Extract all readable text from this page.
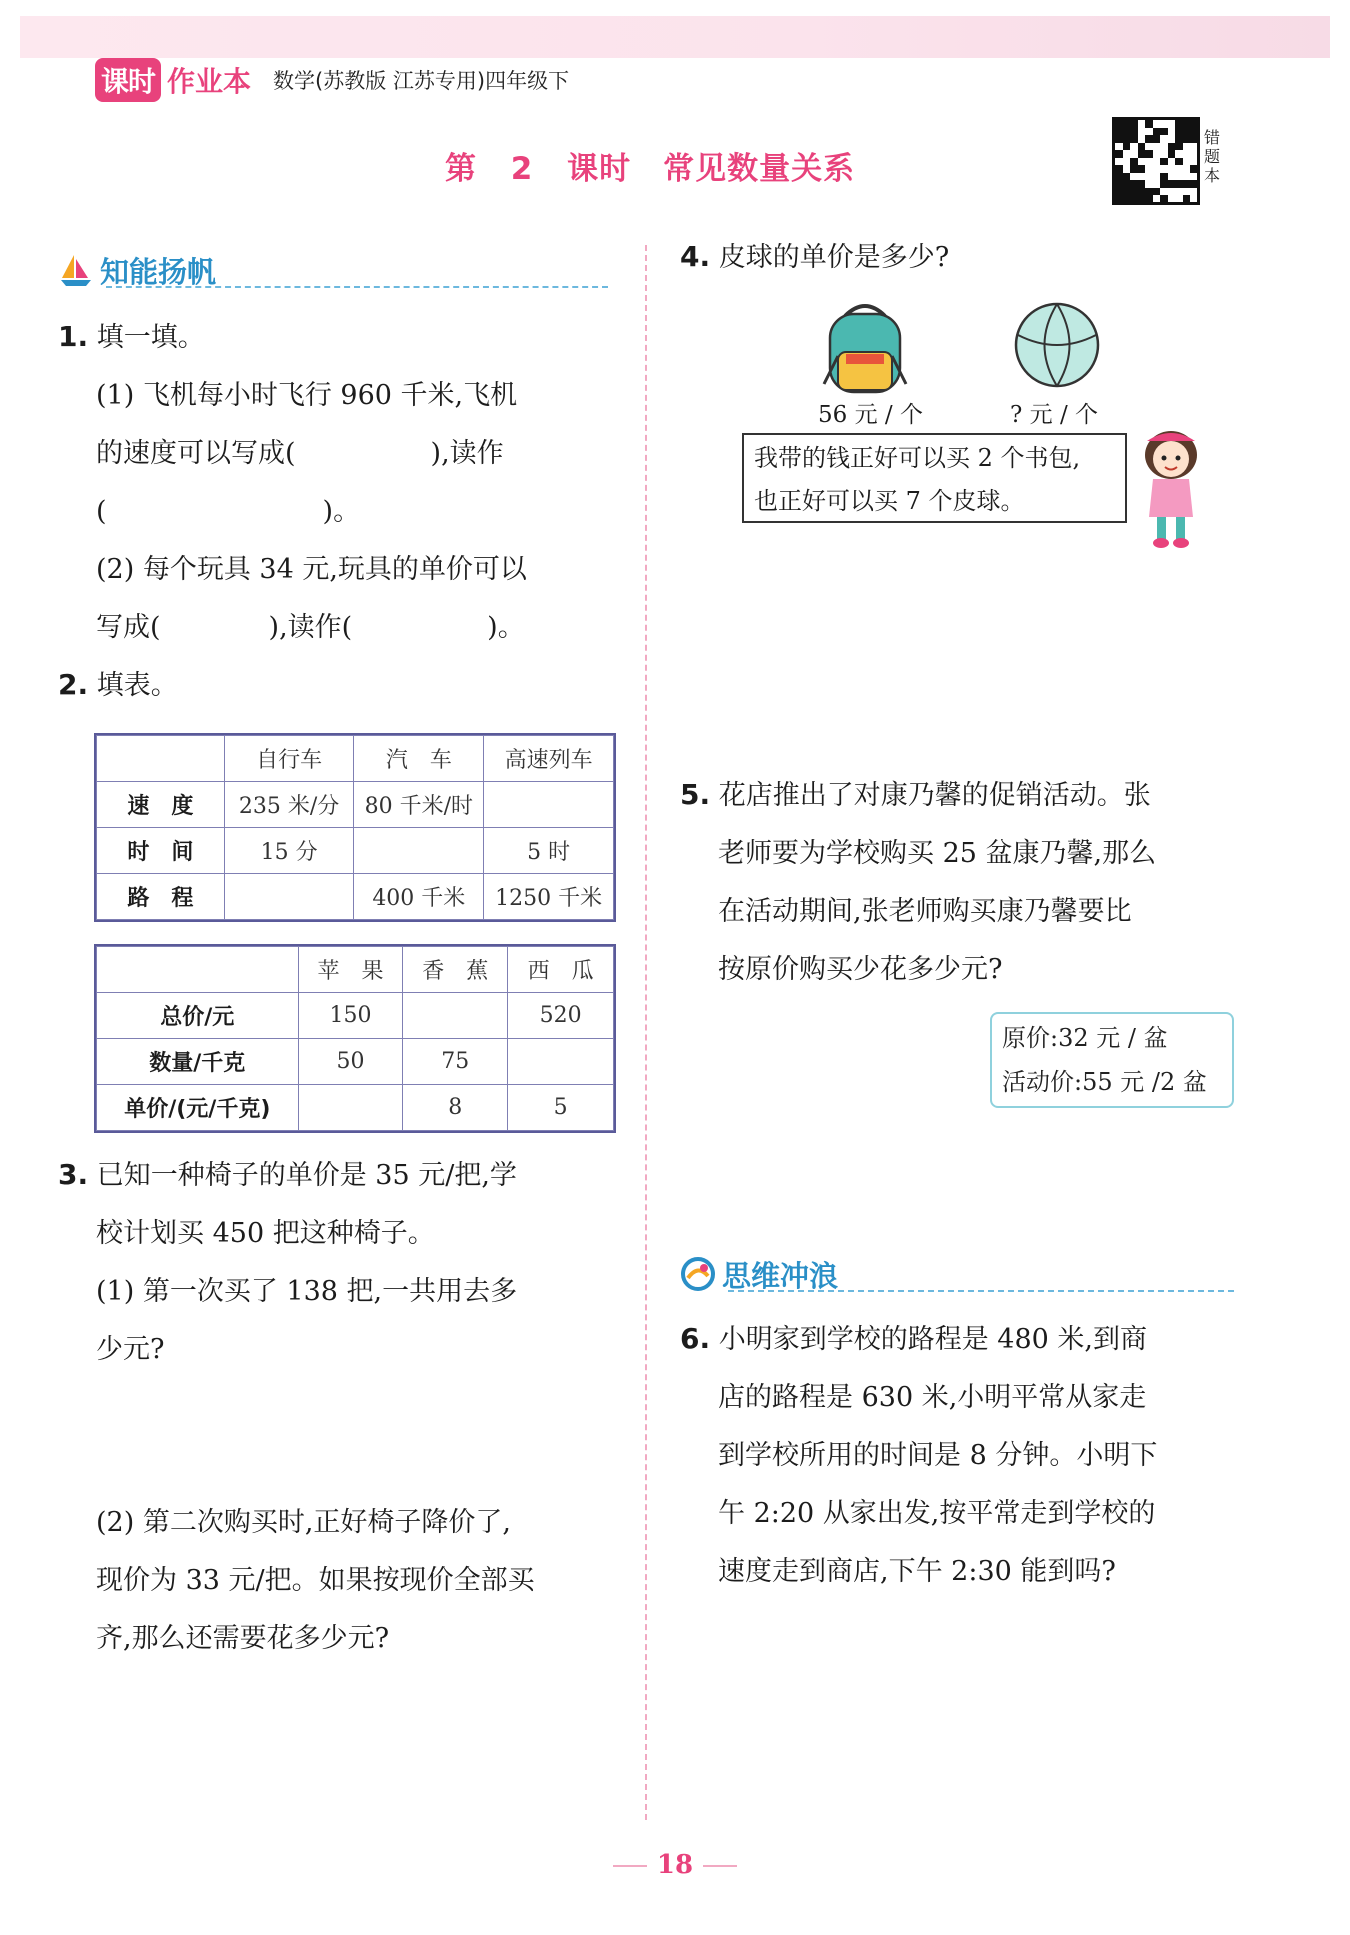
课时 作业本 数学(苏教版 江苏专用)四年级下
第 2 课时　常见数量关系
错题本
知能扬帆
1. 填一填。
(1) 飞机每小时飞行 960 千米,飞机
的速度可以写成(　　　　　),读作
(　　　　　　　　)。
(2) 每个玩具 34 元,玩具的单价可以
写成(　　　　),读作(　　　　　)。
2. 填表。
	自行车	汽　车	高速列车
速　度	235 米/分	80 千米/时	
时　间	15 分		5 时
路　程		400 千米	1250 千米
	苹　果	香　蕉	西　瓜
总价/元	150		520
数量/千克	50	75	
单价/(元/千克)		8	5
3. 已知一种椅子的单价是 35 元/把,学
校计划买 450 把这种椅子。
(1) 第一次买了 138 把,一共用去多
少元?
(2) 第二次购买时,正好椅子降价了,
现价为 33 元/把。如果按现价全部买
齐,那么还需要花多少元?
4. 皮球的单价是多少?
56 元 / 个	? 元 / 个
我带的钱正好可以买 2 个书包,
也正好可以买 7 个皮球。
5. 花店推出了对康乃馨的促销活动。张
老师要为学校购买 25 盆康乃馨,那么
在活动期间,张老师购买康乃馨要比
按原价购买少花多少元?
原价:32 元 / 盆
活动价:55 元 /2 盆
思维冲浪
6. 小明家到学校的路程是 480 米,到商
店的路程是 630 米,小明平常从家走
到学校所用的时间是 8 分钟。小明下
午 2:20 从家出发,按平常走到学校的
速度走到商店,下午 2:30 能到吗?
18
